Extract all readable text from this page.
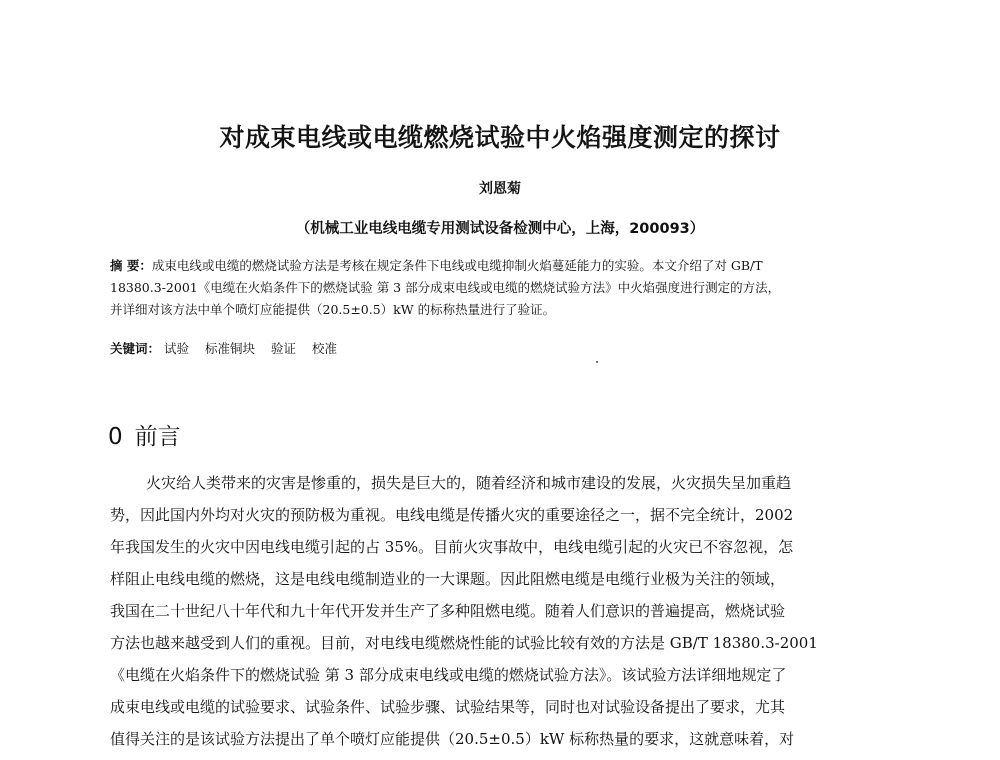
对成束电线或电缆燃烧试验中火焰强度测定的探讨
刘恩菊
（机械工业电线电缆专用测试设备检测中心，上海，200093）
摘 要：成束电线或电缆的燃烧试验方法是考核在规定条件下电线或电缆抑制火焰蔓延能力的实验。本文介绍了对 GB/T
18380.3-2001《电缆在火焰条件下的燃烧试验 第 3 部分成束电线或电缆的燃烧试验方法》中火焰强度进行测定的方法，
并详细对该方法中单个喷灯应能提供（20.5±0.5）kW 的标称热量进行了验证。
关键词： 试验 标准铜块 验证 校准
0 前言
火灾给人类带来的灾害是惨重的，损失是巨大的，随着经济和城市建设的发展，火灾损失呈加重趋
势，因此国内外均对火灾的预防极为重视。电线电缆是传播火灾的重要途径之一，据不完全统计，2002
年我国发生的火灾中因电线电缆引起的占 35%。目前火灾事故中，电线电缆引起的火灾已不容忽视，怎
样阻止电线电缆的燃烧，这是电线电缆制造业的一大课题。因此阻燃电缆是电缆行业极为关注的领域，
我国在二十世纪八十年代和九十年代开发并生产了多种阻燃电缆。随着人们意识的普遍提高，燃烧试验
方法也越来越受到人们的重视。目前，对电线电缆燃烧性能的试验比较有效的方法是 GB/T 18380.3-2001
《电缆在火焰条件下的燃烧试验 第 3 部分成束电线或电缆的燃烧试验方法》。该试验方法详细地规定了
成束电线或电缆的试验要求、试验条件、试验步骤、试验结果等，同时也对试验设备提出了要求，尤其
值得关注的是该试验方法提出了单个喷灯应能提供（20.5±0.5）kW 标称热量的要求，这就意味着，对
